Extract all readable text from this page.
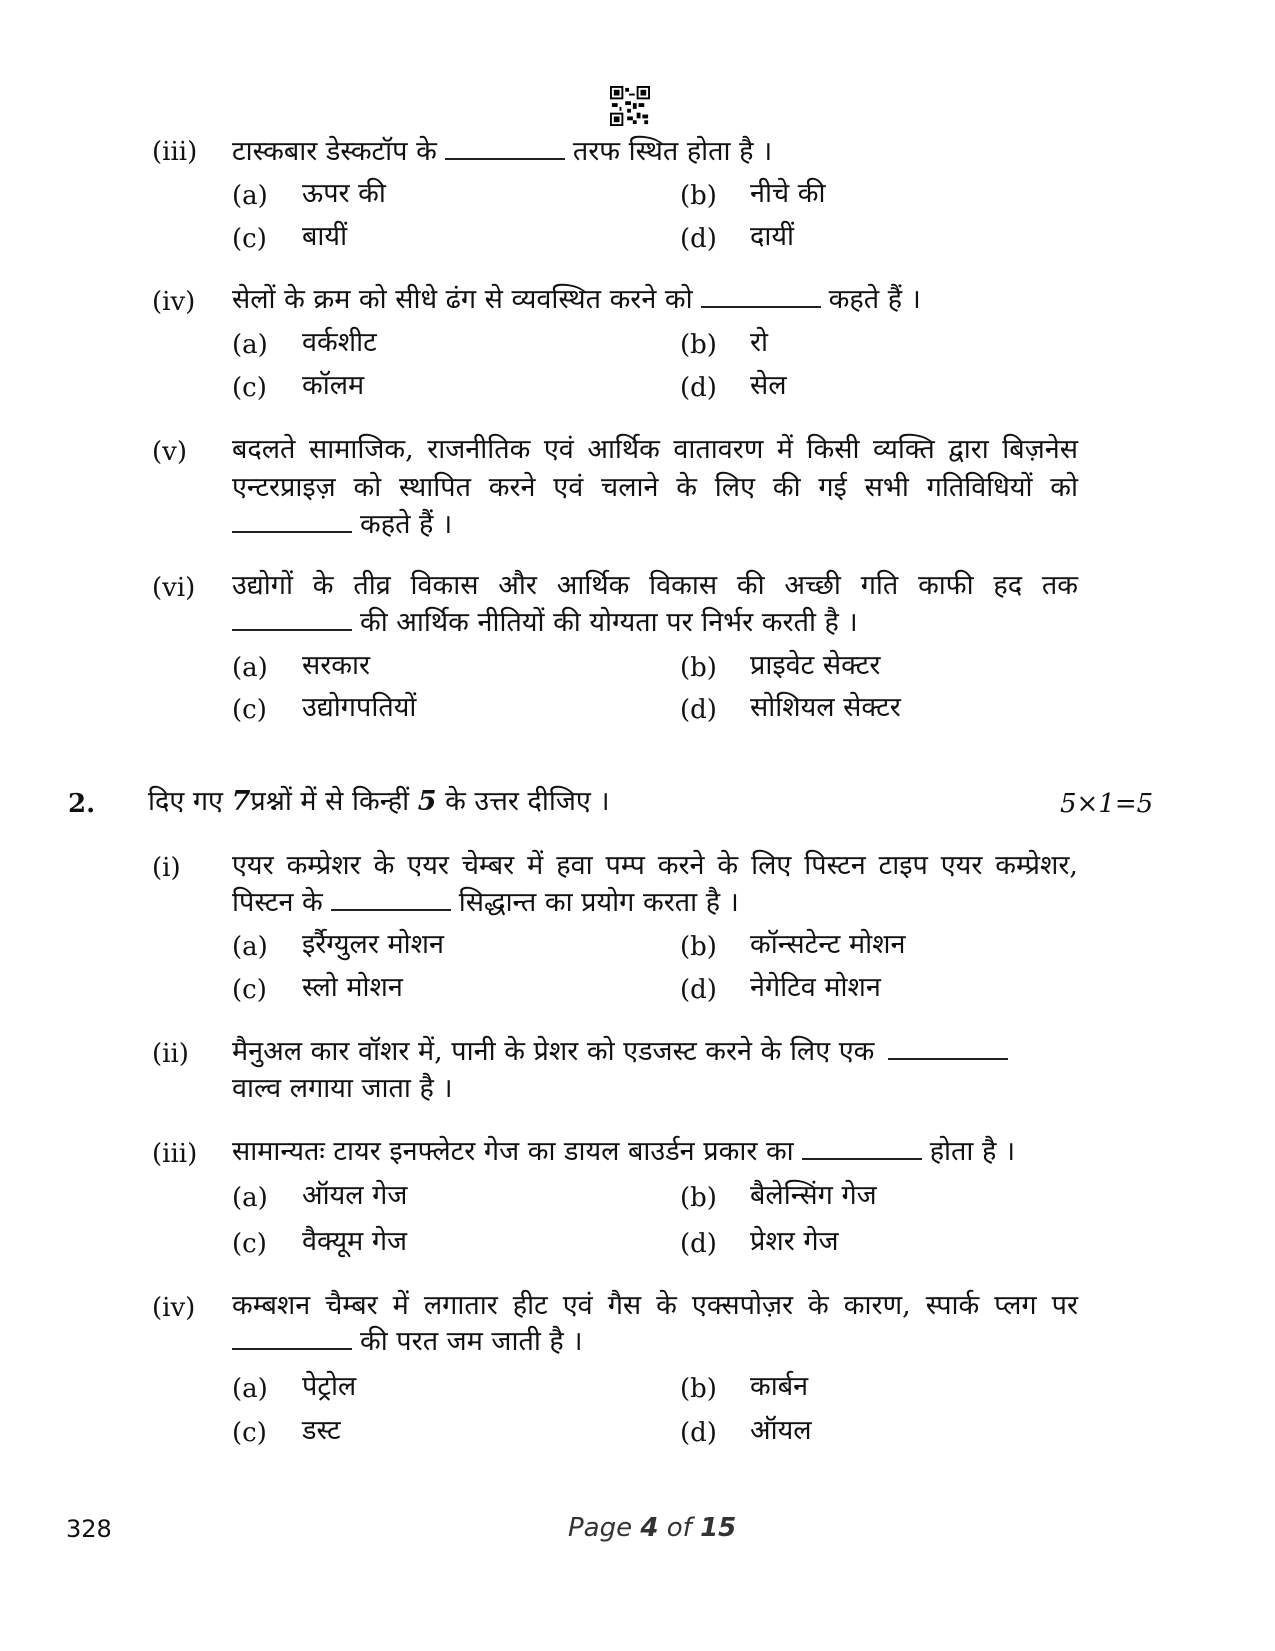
(iii) टास्कबार डेस्कटॉप के	तरफ स्थित होता है ।
(a) ऊपर की	(b) नीचे की
(c) बायीं	(d) दायीं
(iv) सेलों के क्रम को सीधे ढंग से व्यवस्थित करने को	कहते हैं ।
(a) वर्कशीट	(b) रो
(c) कॉलम	(d) सेल
(v) बदलते सामाजिक, राजनीतिक एवं आर्थिक वातावरण में किसी व्यक्ति द्वारा बिज़नेस
एन्टरप्राइज़ को स्थापित करने एवं चलाने के लिए की गई सभी गतिविधियों को
कहते हैं ।
(vi) उद्योगों के तीव्र विकास और आर्थिक विकास की अच्छी गति काफी हद तक
की आर्थिक नीतियों की योग्यता पर निर्भर करती है ।
(a) सरकार	(b) प्राइवेट सेक्टर
(c) उद्योगपतियों	(d) सोशियल सेक्टर
2. दिए गए 7प्रश्नों में से किन्हीं 5 के उत्तर दीजिए ।	5×1=5
(i) एयर कम्प्रेशर के एयर चेम्बर में हवा पम्प करने के लिए पिस्टन टाइप एयर कम्प्रेशर,
पिस्टन के	सिद्धान्त का प्रयोग करता है ।
(a) इर्रैग्युलर मोशन	(b) कॉन्सटेन्ट मोशन
(c) स्लो मोशन	(d) नेगेटिव मोशन
(ii) मैनुअल कार वॉशर में, पानी के प्रेशर को एडजस्ट करने के लिए एक
वाल्व लगाया जाता है ।
(iii) सामान्यतः टायर इनफ्लेटर गेज का डायल बाउर्डन प्रकार का	होता है ।
(a) ऑयल गेज	(b) बैलेन्सिंग गेज
(c) वैक्यूम गेज	(d) प्रेशर गेज
(iv) कम्बशन चैम्बर में लगातार हीट एवं गैस के एक्सपोज़र के कारण, स्पार्क प्लग पर
की परत जम जाती है ।
(a) पेट्रोल	(b) कार्बन
(c) डस्ट	(d) ऑयल
328	Page 4 of 15
